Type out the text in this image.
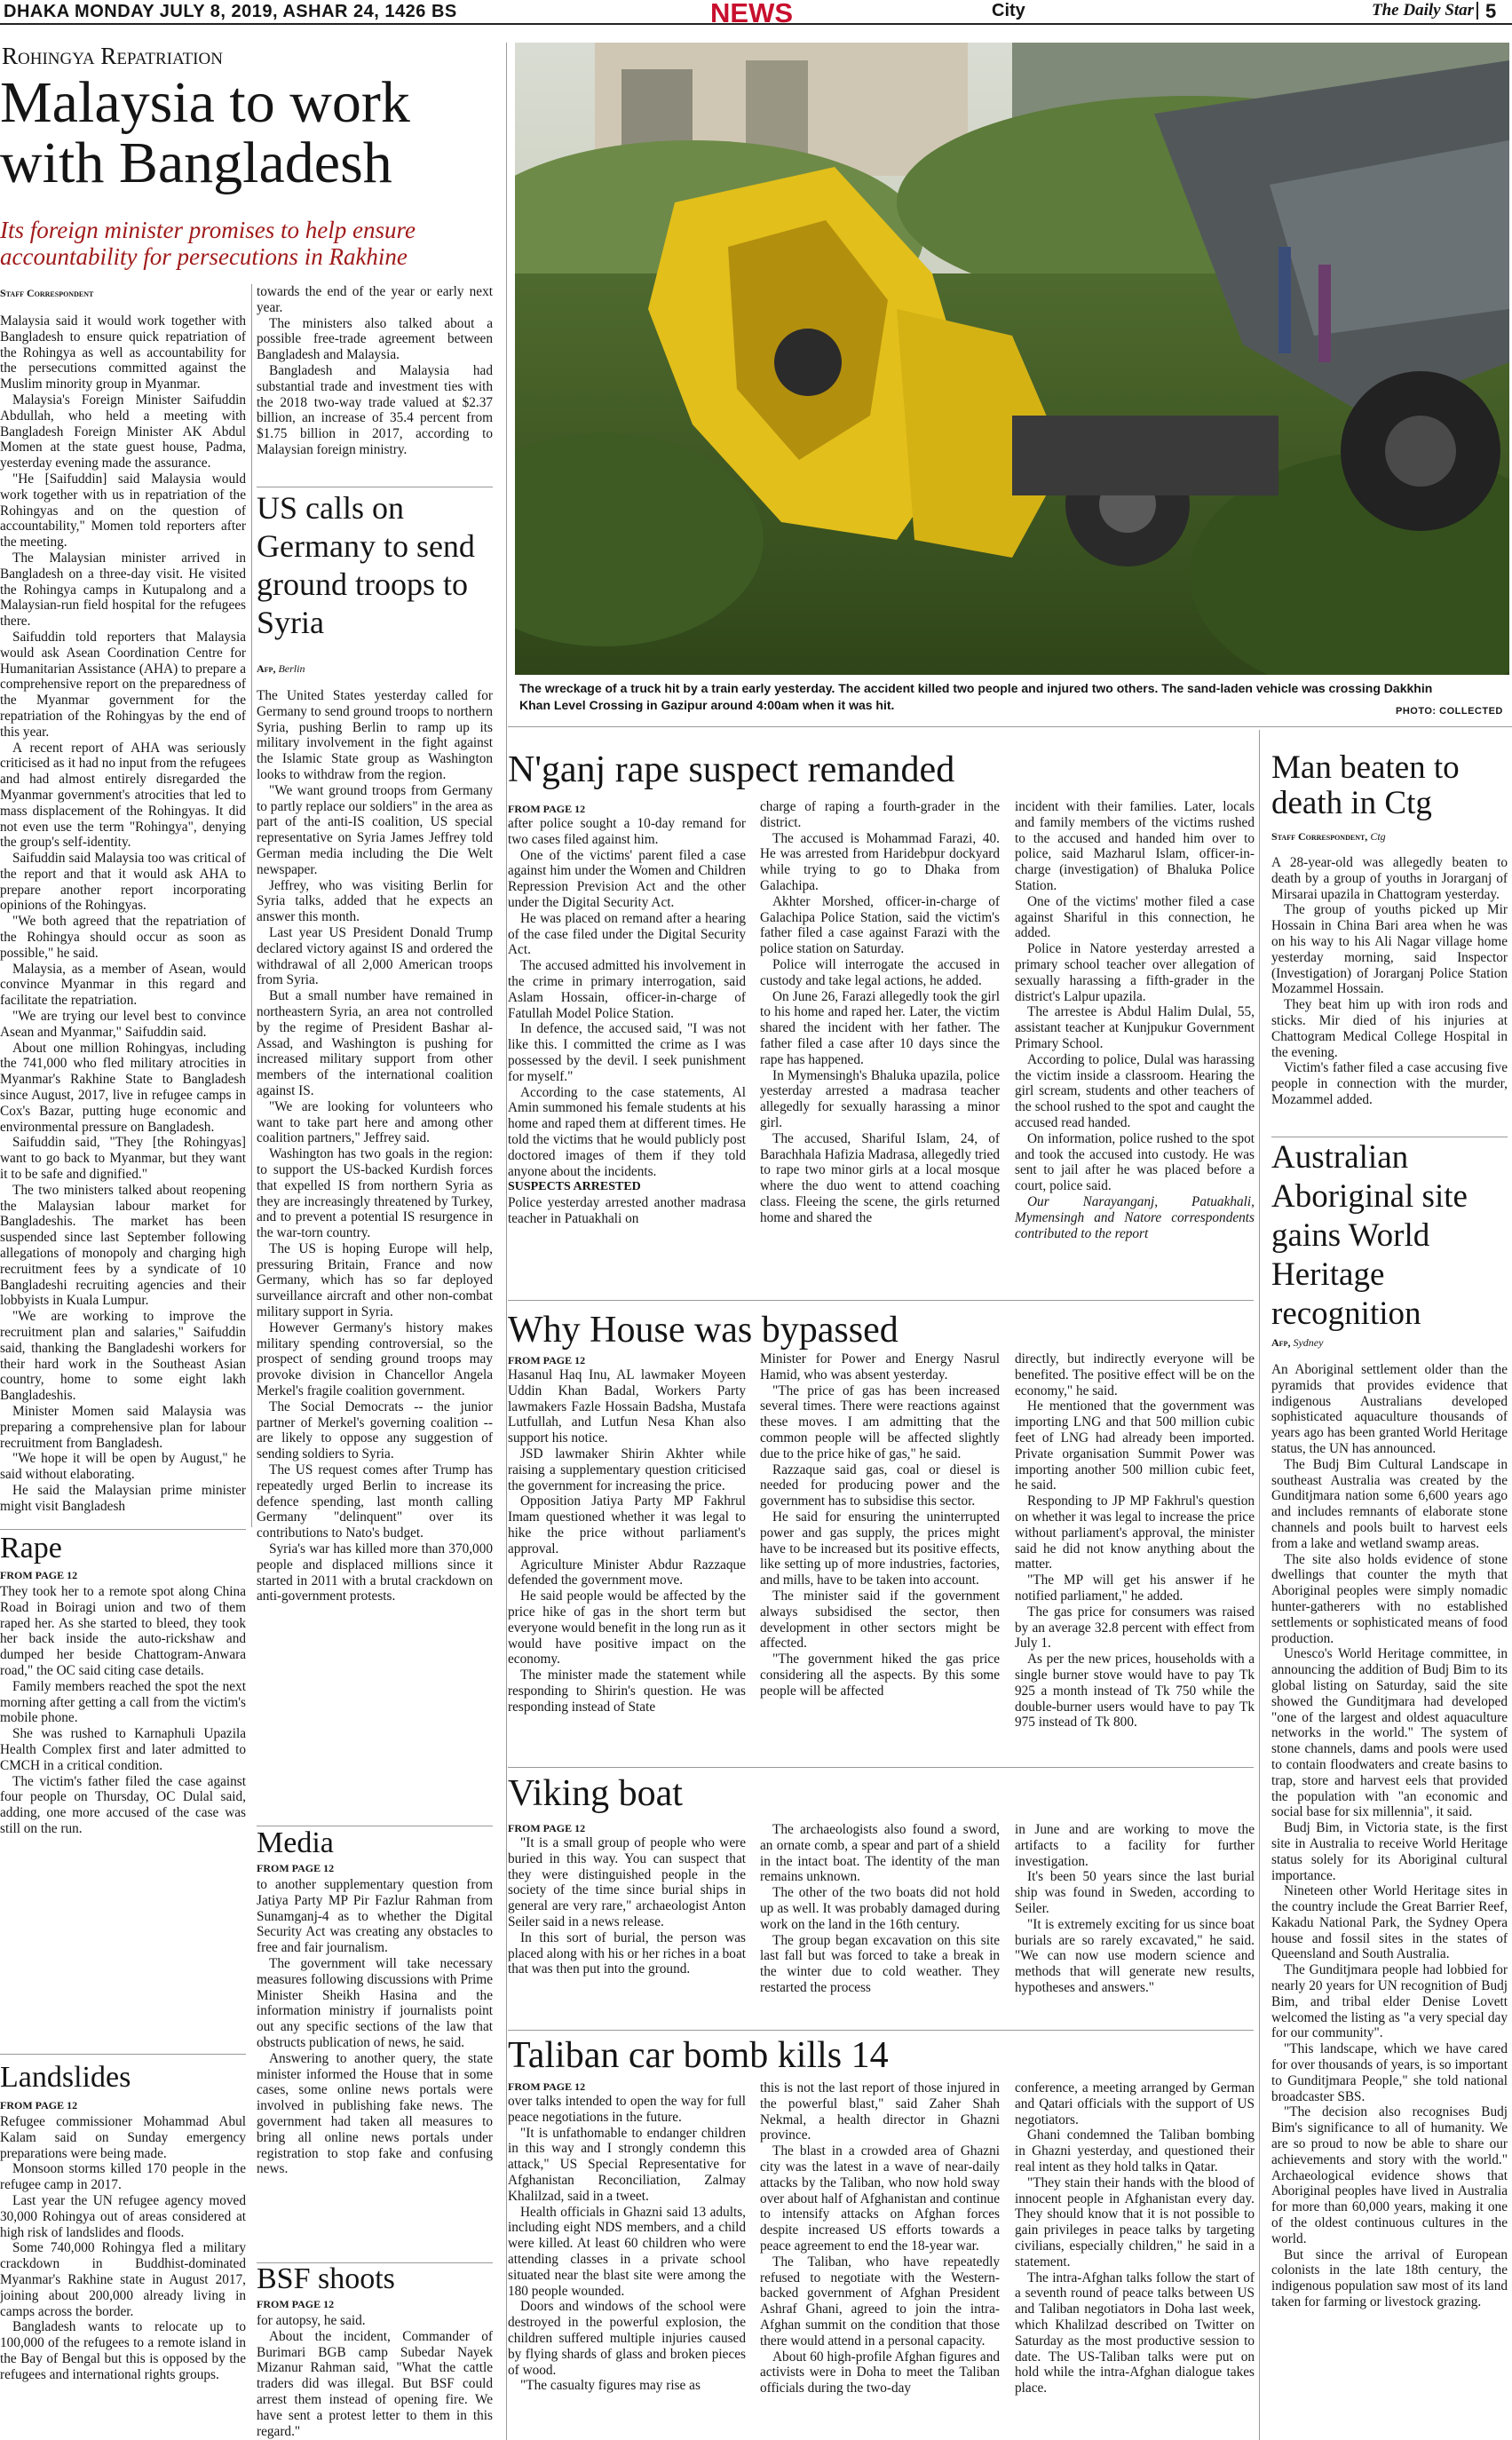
DHAKA MONDAY JULY 8, 2019, ASHAR 24, 1426 BS	NEWS	City	The Daily Star 5
Rohingya Repatriation
Malaysia to work
with Bangladesh
Its foreign minister promises to help ensure accountability for persecutions in Rakhine
Staff Correspondent

Malaysia said it would work together with Bangladesh to ensure quick repatriation of the Rohingya as well as accountability for the persecutions committed against the Muslim minority group in Myanmar.

Malaysia's Foreign Minister Saifuddin Abdullah, who held a meeting with Bangladesh Foreign Minister AK Abdul Momen at the state guest house, Padma, yesterday evening made the assurance.

"He [Saifuddin] said Malaysia would work together with us in repatriation of the Rohingyas and on the question of accountability," Momen told reporters after the meeting.

The Malaysian minister arrived in Bangladesh on a three-day visit. He visited the Rohingya camps in Kutupalong and a Malaysian-run field hospital for the refugees there.

Saifuddin told reporters that Malaysia would ask Asean Coordination Centre for Humanitarian Assistance (AHA) to prepare a comprehensive report on the preparedness of the Myanmar government for the repatriation of the Rohingyas by the end of this year.

A recent report of AHA was seriously criticised as it had no input from the refugees and had almost entirely disregarded the Myanmar government's atrocities that led to mass displacement of the Rohingyas. It did not even use the term "Rohingya", denying the group's self-identity.

Saifuddin said Malaysia too was critical of the report and that it would ask AHA to prepare another report incorporating opinions of the Rohingyas.

"We both agreed that the repatriation of the Rohingya should occur as soon as possible," he said.

Malaysia, as a member of Asean, would convince Myanmar in this regard and facilitate the repatriation.

"We are trying our level best to convince Asean and Myanmar," Saifuddin said.

About one million Rohingyas, including the 741,000 who fled military atrocities in Myanmar's Rakhine State to Bangladesh since August, 2017, live in refugee camps in Cox's Bazar, putting huge economic and environmental pressure on Bangladesh.

Saifuddin said, "They [the Rohingyas] want to go back to Myanmar, but they want it to be safe and dignified."

The two ministers talked about reopening the Malaysian labour market for Bangladeshis. The market has been suspended since last September following allegations of monopoly and charging high recruitment fees by a syndicate of 10 Bangladeshi recruiting agencies and their lobbyists in Kuala Lumpur.

"We are working to improve the recruitment plan and salaries," Saifuddin said, thanking the Bangladeshi workers for their hard work in the Southeast Asian country, home to some eight lakh Bangladeshis.

Minister Momen said Malaysia was preparing a comprehensive plan for labour recruitment from Bangladesh.

"We hope it will be open by August," he said without elaborating.

He said the Malaysian prime minister might visit Bangladesh

towards the end of the year or early next year.

The ministers also talked about a possible free-trade agreement between Bangladesh and Malaysia.

Bangladesh and Malaysia had substantial trade and investment ties with the 2018 two-way trade valued at $2.37 billion, an increase of 35.4 percent from $1.75 billion in 2017, according to Malaysian foreign ministry.

US calls on Germany to send ground troops to Syria
Afp, Berlin

The United States yesterday called for Germany to send ground troops to northern Syria, pushing Berlin to ramp up its military involvement in the fight against the Islamic State group as Washington looks to withdraw from the region.

"We want ground troops from Germany to partly replace our soldiers" in the area as part of the anti-IS coalition, US special representative on Syria James Jeffrey told German media including the Die Welt newspaper.

Jeffrey, who was visiting Berlin for Syria talks, added that he expects an answer this month.

Last year US President Donald Trump declared victory against IS and ordered the withdrawal of all 2,000 American troops from Syria.

But a small number have remained in northeastern Syria, an area not controlled by the regime of President Bashar al-Assad, and Washington is pushing for increased military support from other members of the international coalition against IS.

"We are looking for volunteers who want to take part here and among other coalition partners," Jeffrey said.

Washington has two goals in the region: to support the US-backed Kurdish forces that expelled IS from northern Syria as they are increasingly threatened by Turkey, and to prevent a potential IS resurgence in the war-torn country.

The US is hoping Europe will help, pressuring Britain, France and now Germany, which has so far deployed surveillance aircraft and other non-combat military support in Syria.

However Germany's history makes military spending controversial, so the prospect of sending ground troops may provoke division in Chancellor Angela Merkel's fragile coalition government.

The Social Democrats -- the junior partner of Merkel's governing coalition -- are likely to oppose any suggestion of sending soldiers to Syria.

The US request comes after Trump has repeatedly urged Berlin to increase its defence spending, last month calling Germany "delinquent" over its contributions to Nato's budget.

Syria's war has killed more than 370,000 people and displaced millions since it started in 2011 with a brutal crackdown on anti-government protests.

Rape
FROM PAGE 12

They took her to a remote spot along China Road in Boiragi union and two of them raped her. As she started to bleed, they took her back inside the auto-rickshaw and dumped her beside Chattogram-Anwara road," the OC said citing case details.

Family members reached the spot the next morning after getting a call from the victim's mobile phone.

She was rushed to Karnaphuli Upazila Health Complex first and later admitted to CMCH in a critical condition.

The victim's father filed the case against four people on Thursday, OC Dulal said, adding, one more accused of the case was still on the run.

Landslides
FROM PAGE 12

Refugee commissioner Mohammad Abul Kalam said on Sunday emergency preparations were being made.

Monsoon storms killed 170 people in the refugee camp in 2017.

Last year the UN refugee agency moved 30,000 Rohingya out of areas considered at high risk of landslides and floods.

Some 740,000 Rohingya fled a military crackdown in Buddhist-dominated Myanmar's Rakhine state in August 2017, joining about 200,000 already living in camps across the border.

Bangladesh wants to relocate up to 100,000 of the refugees to a remote island in the Bay of Bengal but this is opposed by the refugees and international rights groups.

Media
FROM PAGE 12

to another supplementary question from Jatiya Party MP Pir Fazlur Rahman from Sunamganj-4 as to whether the Digital Security Act was creating any obstacles to free and fair journalism.

The government will take necessary measures following discussions with Prime Minister Sheikh Hasina and the information ministry if journalists point out any specific sections of the law that obstructs publication of news, he said.

Answering to another query, the state minister informed the House that in some cases, some online news portals were involved in publishing fake news. The government had taken all measures to bring all online news portals under registration to stop fake and confusing news.

BSF shoots
FROM PAGE 12

for autopsy, he said.

About the incident, Commander of Burimari BGB camp Subedar Nayek Mizanur Rahman said, "What the cattle traders did was illegal. But BSF could arrest them instead of opening fire. We have sent a protest letter to them in this regard."

The wreckage of a truck hit by a train early yesterday. The accident killed two people and injured two others. The sand-laden vehicle was crossing Dakkhin Khan Level Crossing in Gazipur around 4:00am when it was hit.	PHOTO: COLLECTED
N'ganj rape suspect remanded
FROM PAGE 12

after police sought a 10-day remand for two cases filed against him.

One of the victims' parent filed a case against him under the Women and Children Repression Prevision Act and the other under the Digital Security Act.

He was placed on remand after a hearing of the case filed under the Digital Security Act.

The accused admitted his involvement in the crime in primary interrogation, said Aslam Hossain, officer-in-charge of Fatullah Model Police Station.

In defence, the accused said, "I was not like this. I committed the crime as I was possessed by the devil. I seek punishment for myself."

According to the case statements, Al Amin summoned his female students at his home and raped them at different times. He told the victims that he would publicly post doctored images of them if they told anyone about the incidents.

SUSPECTS ARRESTED

Police yesterday arrested another madrasa teacher in Patuakhali on

charge of raping a fourth-grader in the district.

The accused is Mohammad Farazi, 40. He was arrested from Haridebpur dockyard while trying to go to Dhaka from Galachipa.

Akhter Morshed, officer-in-charge of Galachipa Police Station, said the victim's father filed a case against Farazi with the police station on Saturday.

Police will interrogate the accused in custody and take legal actions, he added.

On June 26, Farazi allegedly took the girl to his home and raped her. Later, the victim shared the incident with her father. The father filed a case after 10 days since the rape has happened.

In Mymensingh's Bhaluka upazila, police yesterday arrested a madrasa teacher allegedly for sexually harassing a minor girl.

The accused, Shariful Islam, 24, of Barachhala Hafizia Madrasa, allegedly tried to rape two minor girls at a local mosque where the duo went to attend coaching class. Fleeing the scene, the girls returned home and shared the

incident with their families. Later, locals and family members of the victims rushed to the accused and handed him over to police, said Mazharul Islam, officer-in-charge (investigation) of Bhaluka Police Station.

One of the victims' mother filed a case against Shariful in this connection, he added.

Police in Natore yesterday arrested a primary school teacher over allegation of sexually harassing a fifth-grader in the district's Lalpur upazila.

The arrestee is Abdul Halim Dulal, 55, assistant teacher at Kunjpukur Government Primary School.

According to police, Dulal was harassing the victim inside a classroom. Hearing the girl scream, students and other teachers of the school rushed to the spot and caught the accused read handed.

On information, police rushed to the spot and took the accused into custody. He was sent to jail after he was placed before a court, police said.

Our Narayanganj, Patuakhali, Mymensingh and Natore correspondents contributed to the report

Why House was bypassed
FROM PAGE 12

Hasanul Haq Inu, AL lawmaker Moyeen Uddin Khan Badal, Workers Party lawmakers Fazle Hossain Badsha, Mustafa Lutfullah, and Lutfun Nesa Khan also support his notice.

JSD lawmaker Shirin Akhter while raising a supplementary question criticised the government for increasing the price.

Opposition Jatiya Party MP Fakhrul Imam questioned whether it was legal to hike the price without parliament's approval.

Agriculture Minister Abdur Razzaque defended the government move.

He said people would be affected by the price hike of gas in the short term but everyone would benefit in the long run as it would have positive impact on the economy.

The minister made the statement while responding to Shirin's question. He was responding instead of State

Minister for Power and Energy Nasrul Hamid, who was absent yesterday.

"The price of gas has been increased several times. There were reactions against these moves. I am admitting that the common people will be affected slightly due to the price hike of gas," he said.

Razzaque said gas, coal or diesel is needed for producing power and the government has to subsidise this sector.

He said for ensuring the uninterrupted power and gas supply, the prices might have to be increased but its positive effects, like setting up of more industries, factories, and mills, have to be taken into account.

The minister said if the government always subsidised the sector, then development in other sectors might be affected.

"The government hiked the gas price considering all the aspects. By this some people will be affected

directly, but indirectly everyone will be benefited. The positive effect will be on the economy," he said.

He mentioned that the government was importing LNG and that 500 million cubic feet of LNG had already been imported. Private organisation Summit Power was importing another 500 million cubic feet, he said.

Responding to JP MP Fakhrul's question on whether it was legal to increase the price without parliament's approval, the minister said he did not know anything about the matter.

"The MP will get his answer if he notified parliament," he added.

The gas price for consumers was raised by an average 32.8 percent with effect from July 1.

As per the new prices, households with a single burner stove would have to pay Tk 925 a month instead of Tk 750 while the double-burner users would have to pay Tk 975 instead of Tk 800.

Viking boat
FROM PAGE 12

"It is a small group of people who were buried in this way. You can suspect that they were distinguished people in the society of the time since burial ships in general are very rare," archaeologist Anton Seiler said in a news release.

In this sort of burial, the person was placed along with his or her riches in a boat that was then put into the ground.

The archaeologists also found a sword, an ornate comb, a spear and part of a shield in the intact boat. The identity of the man remains unknown.

The other of the two boats did not hold up as well. It was probably damaged during work on the land in the 16th century.

The group began excavation on this site last fall but was forced to take a break in the winter due to cold weather. They restarted the process

in June and are working to move the artifacts to a facility for further investigation.

It's been 50 years since the last burial ship was found in Sweden, according to Seiler.

"It is extremely exciting for us since boat burials are so rarely excavated," he said. "We can now use modern science and methods that will generate new results, hypotheses and answers."

Taliban car bomb kills 14
FROM PAGE 12

over talks intended to open the way for full peace negotiations in the future.

"It is unfathomable to endanger children in this way and I strongly condemn this attack," US Special Representative for Afghanistan Reconciliation, Zalmay Khalilzad, said in a tweet.

Health officials in Ghazni said 13 adults, including eight NDS members, and a child were killed. At least 60 children who were attending classes in a private school situated near the blast site were among the 180 people wounded.

Doors and windows of the school were destroyed in the powerful explosion, the children suffered multiple injuries caused by flying shards of glass and broken pieces of wood.

"The casualty figures may rise as

this is not the last report of those injured in the powerful blast," said Zaher Shah Nekmal, a health director in Ghazni province.

The blast in a crowded area of Ghazni city was the latest in a wave of near-daily attacks by the Taliban, who now hold sway over about half of Afghanistan and continue to intensify attacks on Afghan forces despite increased US efforts towards a peace agreement to end the 18-year war.

The Taliban, who have repeatedly refused to negotiate with the Western-backed government of Afghan President Ashraf Ghani, agreed to join the intra-Afghan summit on the condition that those there would attend in a personal capacity.

About 60 high-profile Afghan figures and activists were in Doha to meet the Taliban officials during the two-day

conference, a meeting arranged by German and Qatari officials with the support of US negotiators.

Ghani condemned the Taliban bombing in Ghazni yesterday, and questioned their real intent as they hold talks in Qatar.

"They stain their hands with the blood of innocent people in Afghanistan every day. They should know that it is not possible to gain privileges in peace talks by targeting civilians, especially children," he said in a statement.

The intra-Afghan talks follow the start of a seventh round of peace talks between US and Taliban negotiators in Doha last week, which Khalilzad described on Twitter on Saturday as the most productive session to date. The US-Taliban talks were put on hold while the intra-Afghan dialogue takes place.

Man beaten to death in Ctg
Staff Correspondent, Ctg

A 28-year-old was allegedly beaten to death by a group of youths in Jorarganj of Mirsarai upazila in Chattogram yesterday.

The group of youths picked up Mir Hossain in China Bari area when he was on his way to his Ali Nagar village home yesterday morning, said Inspector (Investigation) of Jorarganj Police Station Mozammel Hossain.

They beat him up with iron rods and sticks. Mir died of his injuries at Chattogram Medical College Hospital in the evening.

Victim's father filed a case accusing five people in connection with the murder, Mozammel added.

Australian Aboriginal site gains World Heritage recognition
Afp, Sydney

An Aboriginal settlement older than the pyramids that provides evidence that indigenous Australians developed sophisticated aquaculture thousands of years ago has been granted World Heritage status, the UN has announced.

The Budj Bim Cultural Landscape in southeast Australia was created by the Gunditjmara nation some 6,600 years ago and includes remnants of elaborate stone channels and pools built to harvest eels from a lake and wetland swamp areas.

The site also holds evidence of stone dwellings that counter the myth that Aboriginal peoples were simply nomadic hunter-gatherers with no established settlements or sophisticated means of food production.

Unesco's World Heritage committee, in announcing the addition of Budj Bim to its global listing on Saturday, said the site showed the Gunditjmara had developed "one of the largest and oldest aquaculture networks in the world." The system of stone channels, dams and pools were used to contain floodwaters and create basins to trap, store and harvest eels that provided the population with "an economic and social base for six millennia", it said.

Budj Bim, in Victoria state, is the first site in Australia to receive World Heritage status solely for its Aboriginal cultural importance.

Nineteen other World Heritage sites in the country include the Great Barrier Reef, Kakadu National Park, the Sydney Opera house and fossil sites in the states of Queensland and South Australia.

The Gunditjmara people had lobbied for nearly 20 years for UN recognition of Budj Bim, and tribal elder Denise Lovett welcomed the listing as "a very special day for our community".

"This landscape, which we have cared for over thousands of years, is so important to Gunditjmara People," she told national broadcaster SBS.

"The decision also recognises Budj Bim's significance to all of humanity. We are so proud to now be able to share our achievements and story with the world." Archaeological evidence shows that Aboriginal peoples have lived in Australia for more than 60,000 years, making it one of the oldest continuous cultures in the world.

But since the arrival of European colonists in the late 18th century, the indigenous population saw most of its land taken for farming or livestock grazing.
